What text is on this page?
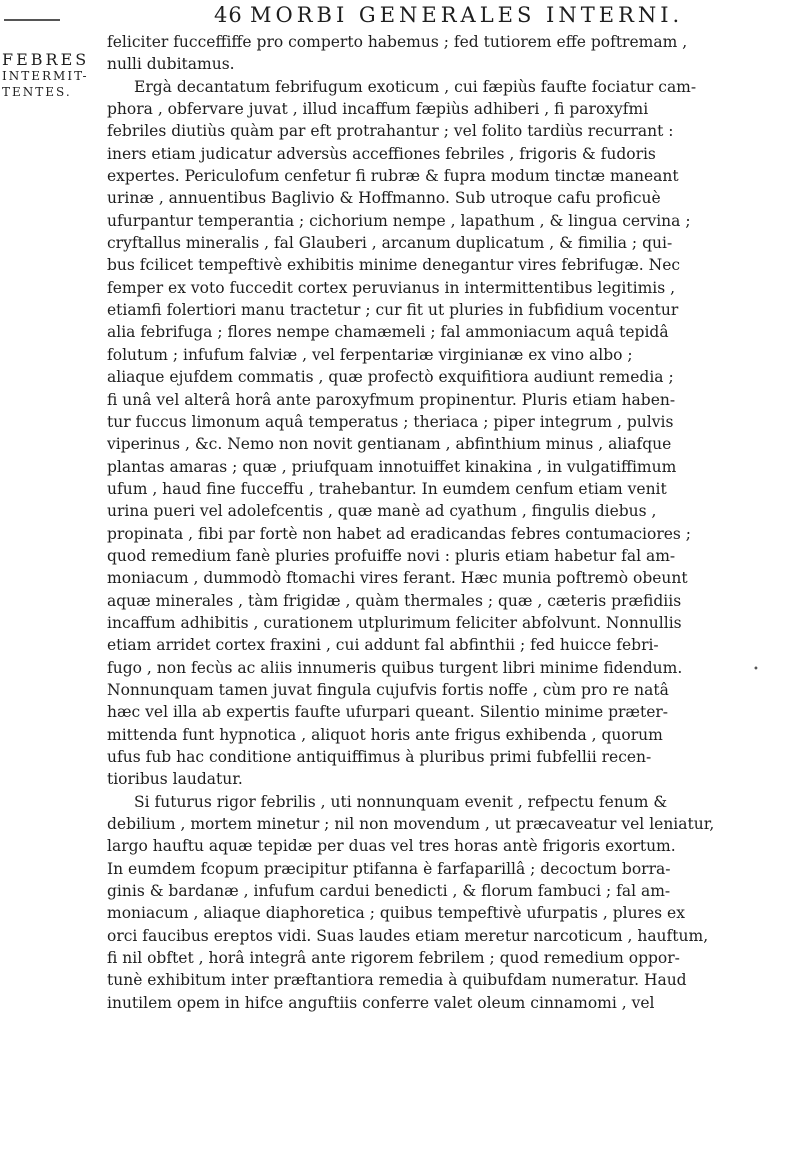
46 MORBI GENERALES INTERNI.
FEBRES
INTERMIT-
TENTES.
feliciter fucceffiffe pro comperto habemus ; fed tutiorem effe poftremam ,
nulli dubitamus.
Ergà decantatum febrifugum exoticum , cui fæpiùs faufte fociatur cam-
phora , obfervare juvat , illud incaffum fæpiùs adhiberi , fi paroxyfmi
febriles diutiùs quàm par eft protrahantur ; vel folito tardiùs recurrant :
iners etiam judicatur adversùs acceffiones febriles , frigoris & fudoris
expertes. Periculofum cenfetur fi rubræ & fupra modum tinctæ maneant
urinæ , annuentibus Baglivio & Hoffmanno. Sub utroque cafu proficuè
ufurpantur temperantia ; cichorium nempe , lapathum , & lingua cervina ;
cryftallus mineralis , fal Glauberi , arcanum duplicatum , & fimilia ; qui-
bus fcilicet tempeftivè exhibitis minime denegantur vires febrifugæ. Nec
femper ex voto fuccedit cortex peruvianus in intermittentibus legitimis ,
etiamfi folertiori manu tractetur ; cur fit ut pluries in fubfidium vocentur
alia febrifuga ; flores nempe chamæmeli ; fal ammoniacum aquâ tepidâ
folutum ; infufum falviæ , vel ferpentariæ virginianæ ex vino albo ;
aliaque ejufdem commatis , quæ profectò exquifitiora audiunt remedia ;
fi unâ vel alterâ horâ ante paroxyfmum propinentur. Pluris etiam haben-
tur fuccus limonum aquâ temperatus ; theriaca ; piper integrum , pulvis
viperinus , &c. Nemo non novit gentianam , abfinthium minus , aliafque
plantas amaras ; quæ , priufquam innotuiffet kinakina , in vulgatiffimum
ufum , haud fine fucceffu , trahebantur. In eumdem cenfum etiam venit
urina pueri vel adolefcentis , quæ manè ad cyathum , fingulis diebus ,
propinata , fibi par fortè non habet ad eradicandas febres contumaciores ;
quod remedium fanè pluries profuiffe novi : pluris etiam habetur fal am-
moniacum , dummodò ftomachi vires ferant. Hæc munia poftremò obeunt
aquæ minerales , tàm frigidæ , quàm thermales ; quæ , cæteris præfidiis
incaffum adhibitis , curationem utplurimum feliciter abfolvunt. Nonnullis
etiam arridet cortex fraxini , cui addunt fal abfinthii ; fed huicce febri-
fugo , non fecùs ac aliis innumeris quibus turgent libri minime fidendum.
Nonnunquam tamen juvat fingula cujufvis fortis noffe , cùm pro re natâ
hæc vel illa ab expertis faufte ufurpari queant. Silentio minime præter-
mittenda funt hypnotica , aliquot horis ante frigus exhibenda , quorum
ufus fub hac conditione antiquiffimus à pluribus primi fubfellii recen-
tioribus laudatur.
Si futurus rigor febrilis , uti nonnunquam evenit , refpectu fenum &
debilium , mortem minetur ; nil non movendum , ut præcaveatur vel leniatur,
largo hauftu aquæ tepidæ per duas vel tres horas antè frigoris exortum.
In eumdem fcopum præcipitur ptifanna è farfaparillâ ; decoctum borra-
ginis & bardanæ , infufum cardui benedicti , & florum fambuci ; fal am-
moniacum , aliaque diaphoretica ; quibus tempeftivè ufurpatis , plures ex
orci faucibus ereptos vidi. Suas laudes etiam meretur narcoticum , hauftum,
fi nil obftet , horâ integrâ ante rigorem febrilem ; quod remedium oppor-
tunè exhibitum inter præftantiora remedia à quibufdam numeratur. Haud
inutilem opem in hifce anguftiis conferre valet oleum cinnamomi , vel
•
